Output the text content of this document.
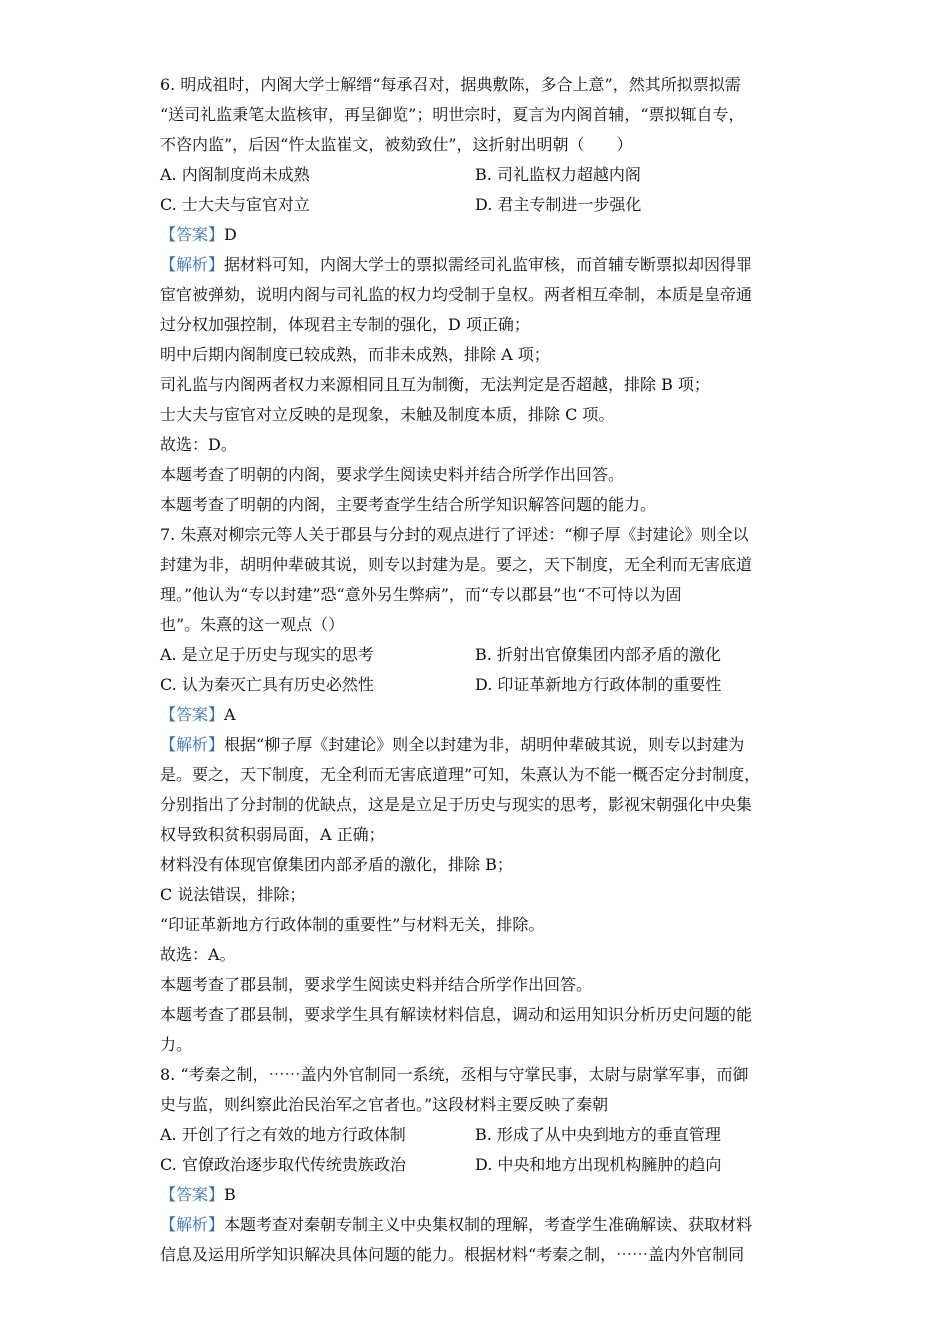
6. 明成祖时，内阁大学士解缙“每承召对，据典敷陈，多合上意”，然其所拟票拟需

“送司礼监秉笔太监核审，再呈御览”；明世宗时，夏言为内阁首辅，“票拟辄自专，

不咨内监”，后因“忤太监崔文，被劾致仕”，这折射出明朝（　　）

A. 内阁制度尚未成熟	B. 司礼监权力超越内阁
C. 士大夫与宦官对立	D. 君主专制进一步强化

【答案】D

【解析】据材料可知，内阁大学士的票拟需经司礼监审核，而首辅专断票拟却因得罪

宦官被弹劾，说明内阁与司礼监的权力均受制于皇权。两者相互牵制，本质是皇帝通

过分权加强控制，体现君主专制的强化，D 项正确；

明中后期内阁制度已较成熟，而非未成熟，排除 A 项；

司礼监与内阁两者权力来源相同且互为制衡，无法判定是否超越，排除 B 项；

士大夫与宦官对立反映的是现象，未触及制度本质，排除 C 项。

故选：D。

本题考查了明朝的内阁，要求学生阅读史料并结合所学作出回答。

本题考查了明朝的内阁，主要考查学生结合所学知识解答问题的能力。

7. 朱熹对柳宗元等人关于郡县与分封的观点进行了评述：“柳子厚《封建论》则全以

封建为非，胡明仲辈破其说，则专以封建为是。要之，天下制度，无全利而无害底道

理。”他认为“专以封建”恐“意外另生弊病”，而“专以郡县”也“不可恃以为固

也”。朱熹的这一观点（）

A. 是立足于历史与现实的思考	B. 折射出官僚集团内部矛盾的激化
C. 认为秦灭亡具有历史必然性	D. 印证革新地方行政体制的重要性

【答案】A

【解析】根据“柳子厚《封建论》则全以封建为非，胡明仲辈破其说，则专以封建为

是。要之，天下制度，无全利而无害底道理”可知，朱熹认为不能一概否定分封制度，

分别指出了分封制的优缺点，这是是立足于历史与现实的思考，影视宋朝强化中央集

权导致积贫积弱局面，A 正确；

材料没有体现官僚集团内部矛盾的激化，排除 B；

C 说法错误，排除；

“印证革新地方行政体制的重要性”与材料无关，排除。

故选：A。

本题考查了郡县制，要求学生阅读史料并结合所学作出回答。

本题考查了郡县制，要求学生具有解读材料信息，调动和运用知识分析历史问题的能

力。

8. “考秦之制，⋯⋯盖内外官制同一系统，丞相与守掌民事，太尉与尉掌军事，而御

史与监，则纠察此治民治军之官者也。”这段材料主要反映了秦朝

A. 开创了行之有效的地方行政体制	B. 形成了从中央到地方的垂直管理
C. 官僚政治逐步取代传统贵族政治	D. 中央和地方出现机构臃肿的趋向

【答案】B

【解析】本题考查对秦朝专制主义中央集权制的理解，考查学生准确解读、获取材料

信息及运用所学知识解决具体问题的能力。根据材料“考秦之制，⋯⋯盖内外官制同
